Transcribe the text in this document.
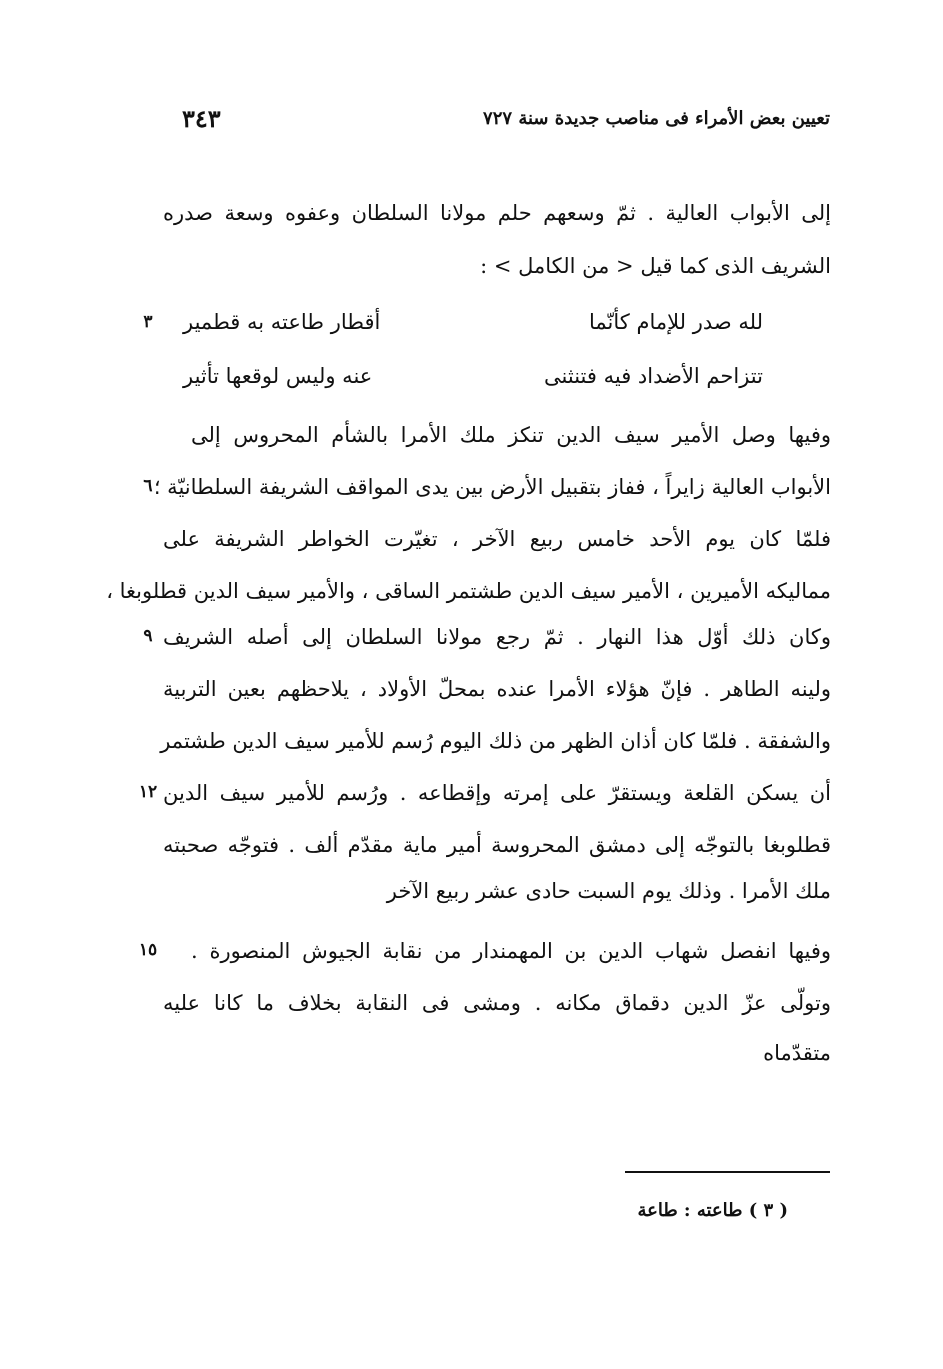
٣٤٣	تعيين بعض الأمراء فى مناصب جديدة سنة ٧٢٧
إلى الأبواب العالية . ثمّ وسعهم حلم مولانا السلطان وعفوه وسعة صدره
الشريف الذى كما قيل < من الكامل > :
لله صدر للإمام كأنّما
أقطار طاعته به قطمير
٣
تتزاحم الأضداد فيه فتنثنى
عنه وليس لوقعها تأثير
وفيها وصل الأمير سيف الدين تنكز ملك الأمرا بالشأم المحروس إلى
الأبواب العالية زايراً ، ففاز بتقبيل الأرض بين يدى المواقف الشريفة السلطانيّة ؛
٦
فلمّا كان يوم الأحد خامس ربيع الآخر ، تغيّرت الخواطر الشريفة على
مماليكه الأميرين ، الأمير سيف الدين طشتمر الساقى ، والأمير سيف الدين قطلوبغا ،
وكان ذلك أوّل هذا النهار . ثمّ رجع مولانا السلطان إلى أصله الشريف
٩
ولينه الطاهر . فإنّ هؤلاء الأمرا عنده بمحلّ الأولاد ، يلاحظهم بعين التربية
والشفقة . فلمّا كان أذان الظهر من ذلك اليوم رُسم للأمير سيف الدين طشتمر
أن يسكن القلعة ويستقرّ على إمرته وإقطاعه . ورُسم للأمير سيف الدين
١٢
قطلوبغا بالتوجّه إلى دمشق المحروسة أمير ماية مقدّم ألف . فتوجّه صحبته
ملك الأمرا . وذلك يوم السبت حادى عشر ربيع الآخر
وفيها انفصل شهاب الدين بن المهمندار من نقابة الجيوش المنصورة .
١٥
وتولّى عزّ الدين دقماق مكانه . ومشى فى النقابة بخلاف ما كانا عليه
متقدّماه
( ٣ ) طاعته : طاعة
